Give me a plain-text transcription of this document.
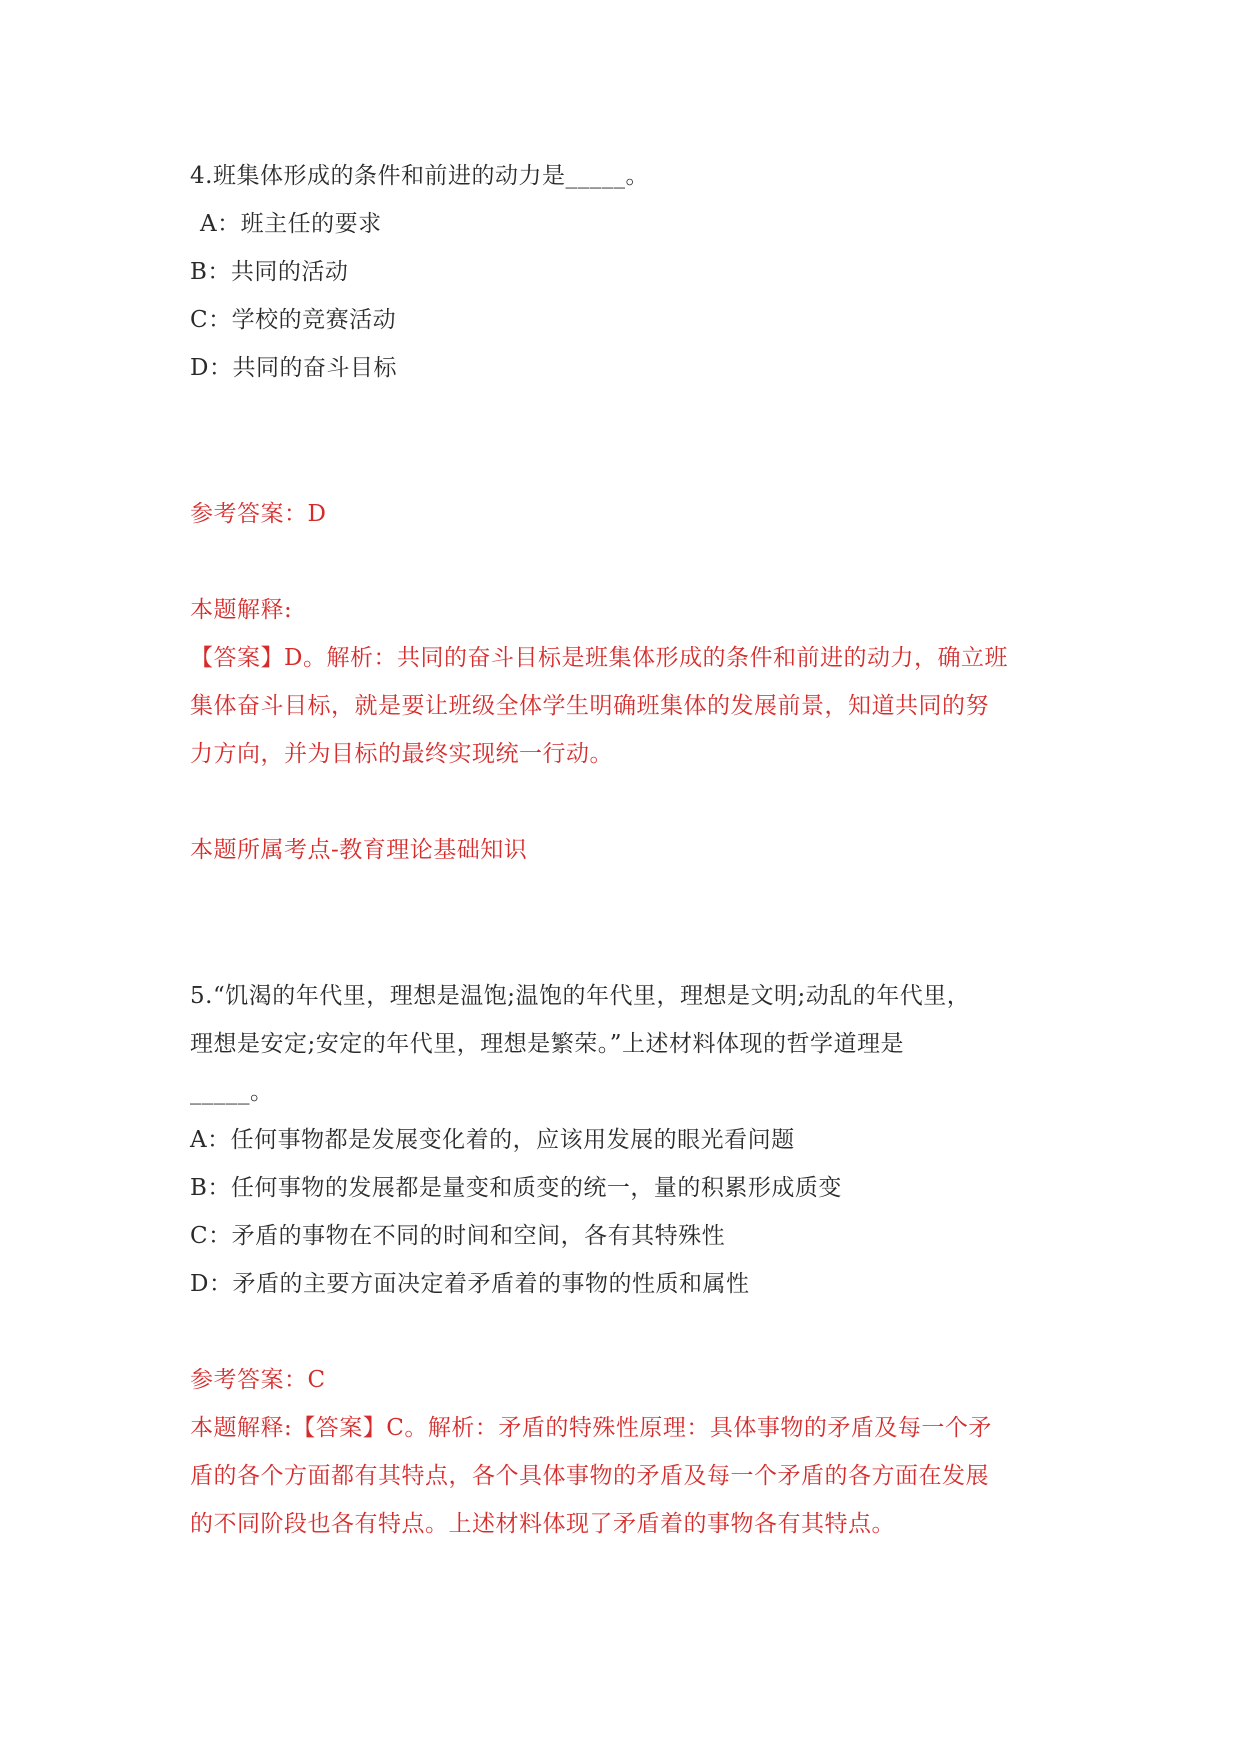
4.班集体形成的条件和前进的动力是_____。
A：班主任的要求
B：共同的活动
C：学校的竞赛活动
D：共同的奋斗目标
参考答案：D
本题解释:
【答案】D。解析：共同的奋斗目标是班集体形成的条件和前进的动力，确立班
集体奋斗目标，就是要让班级全体学生明确班集体的发展前景，知道共同的努
力方向，并为目标的最终实现统一行动。
本题所属考点-教育理论基础知识
5.“饥渴的年代里，理想是温饱;温饱的年代里，理想是文明;动乱的年代里，
理想是安定;安定的年代里，理想是繁荣。”上述材料体现的哲学道理是
_____。
A：任何事物都是发展变化着的，应该用发展的眼光看问题
B：任何事物的发展都是量变和质变的统一，量的积累形成质变
C：矛盾的事物在不同的时间和空间，各有其特殊性
D：矛盾的主要方面决定着矛盾着的事物的性质和属性
参考答案：C
本题解释:【答案】C。解析：矛盾的特殊性原理：具体事物的矛盾及每一个矛
盾的各个方面都有其特点，各个具体事物的矛盾及每一个矛盾的各方面在发展
的不同阶段也各有特点。上述材料体现了矛盾着的事物各有其特点。
